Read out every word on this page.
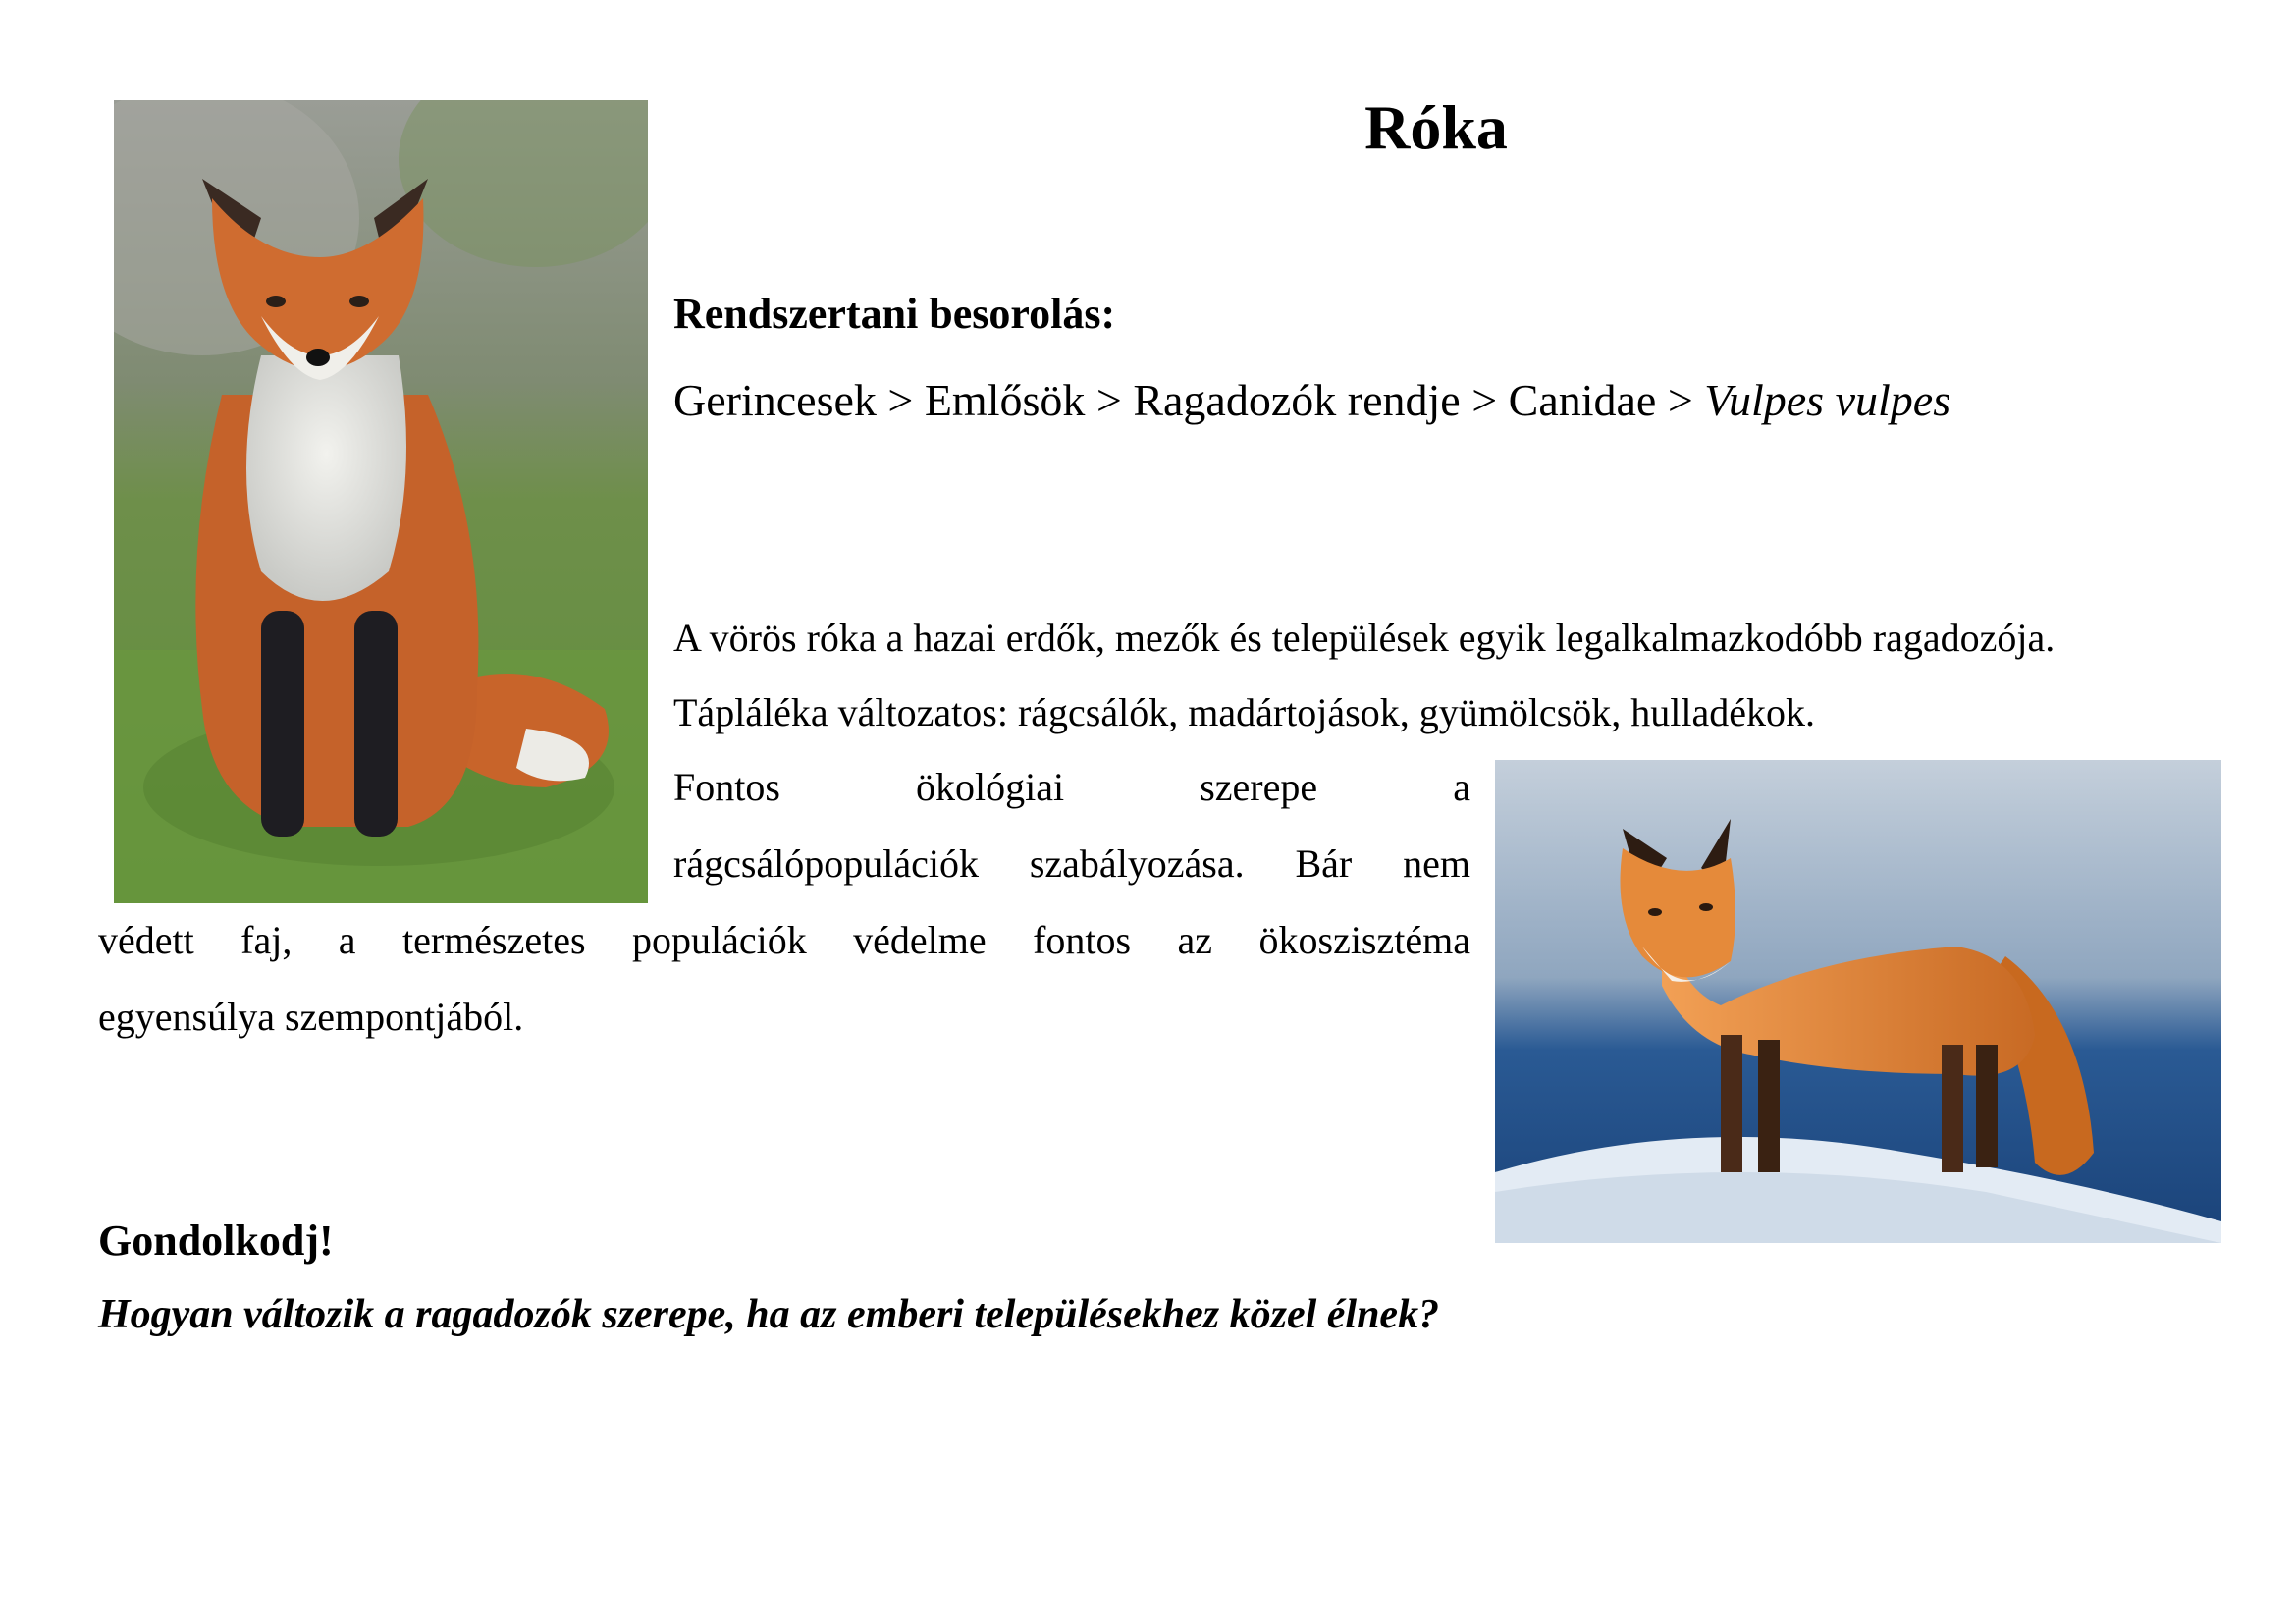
Róka
Rendszertani besorolás:
Gerincesek > Emlősök > Ragadozók rendje > Canidae > Vulpes vulpes
A vörös róka a hazai erdők, mezők és települések egyik legalkalmazkodóbb ragadozója.
Tápláléka változatos: rágcsálók, madártojások, gyümölcsök, hulladékok.
Fontos	ökológiai	szerepe	a
rágcsálópopulációk szabályozása. Bár nem
védett faj, a természetes populációk védelme fontos az ökoszisztéma
egyensúlya szempontjából.
Gondolkodj!
Hogyan változik a ragadozók szerepe, ha az emberi településekhez közel élnek?
